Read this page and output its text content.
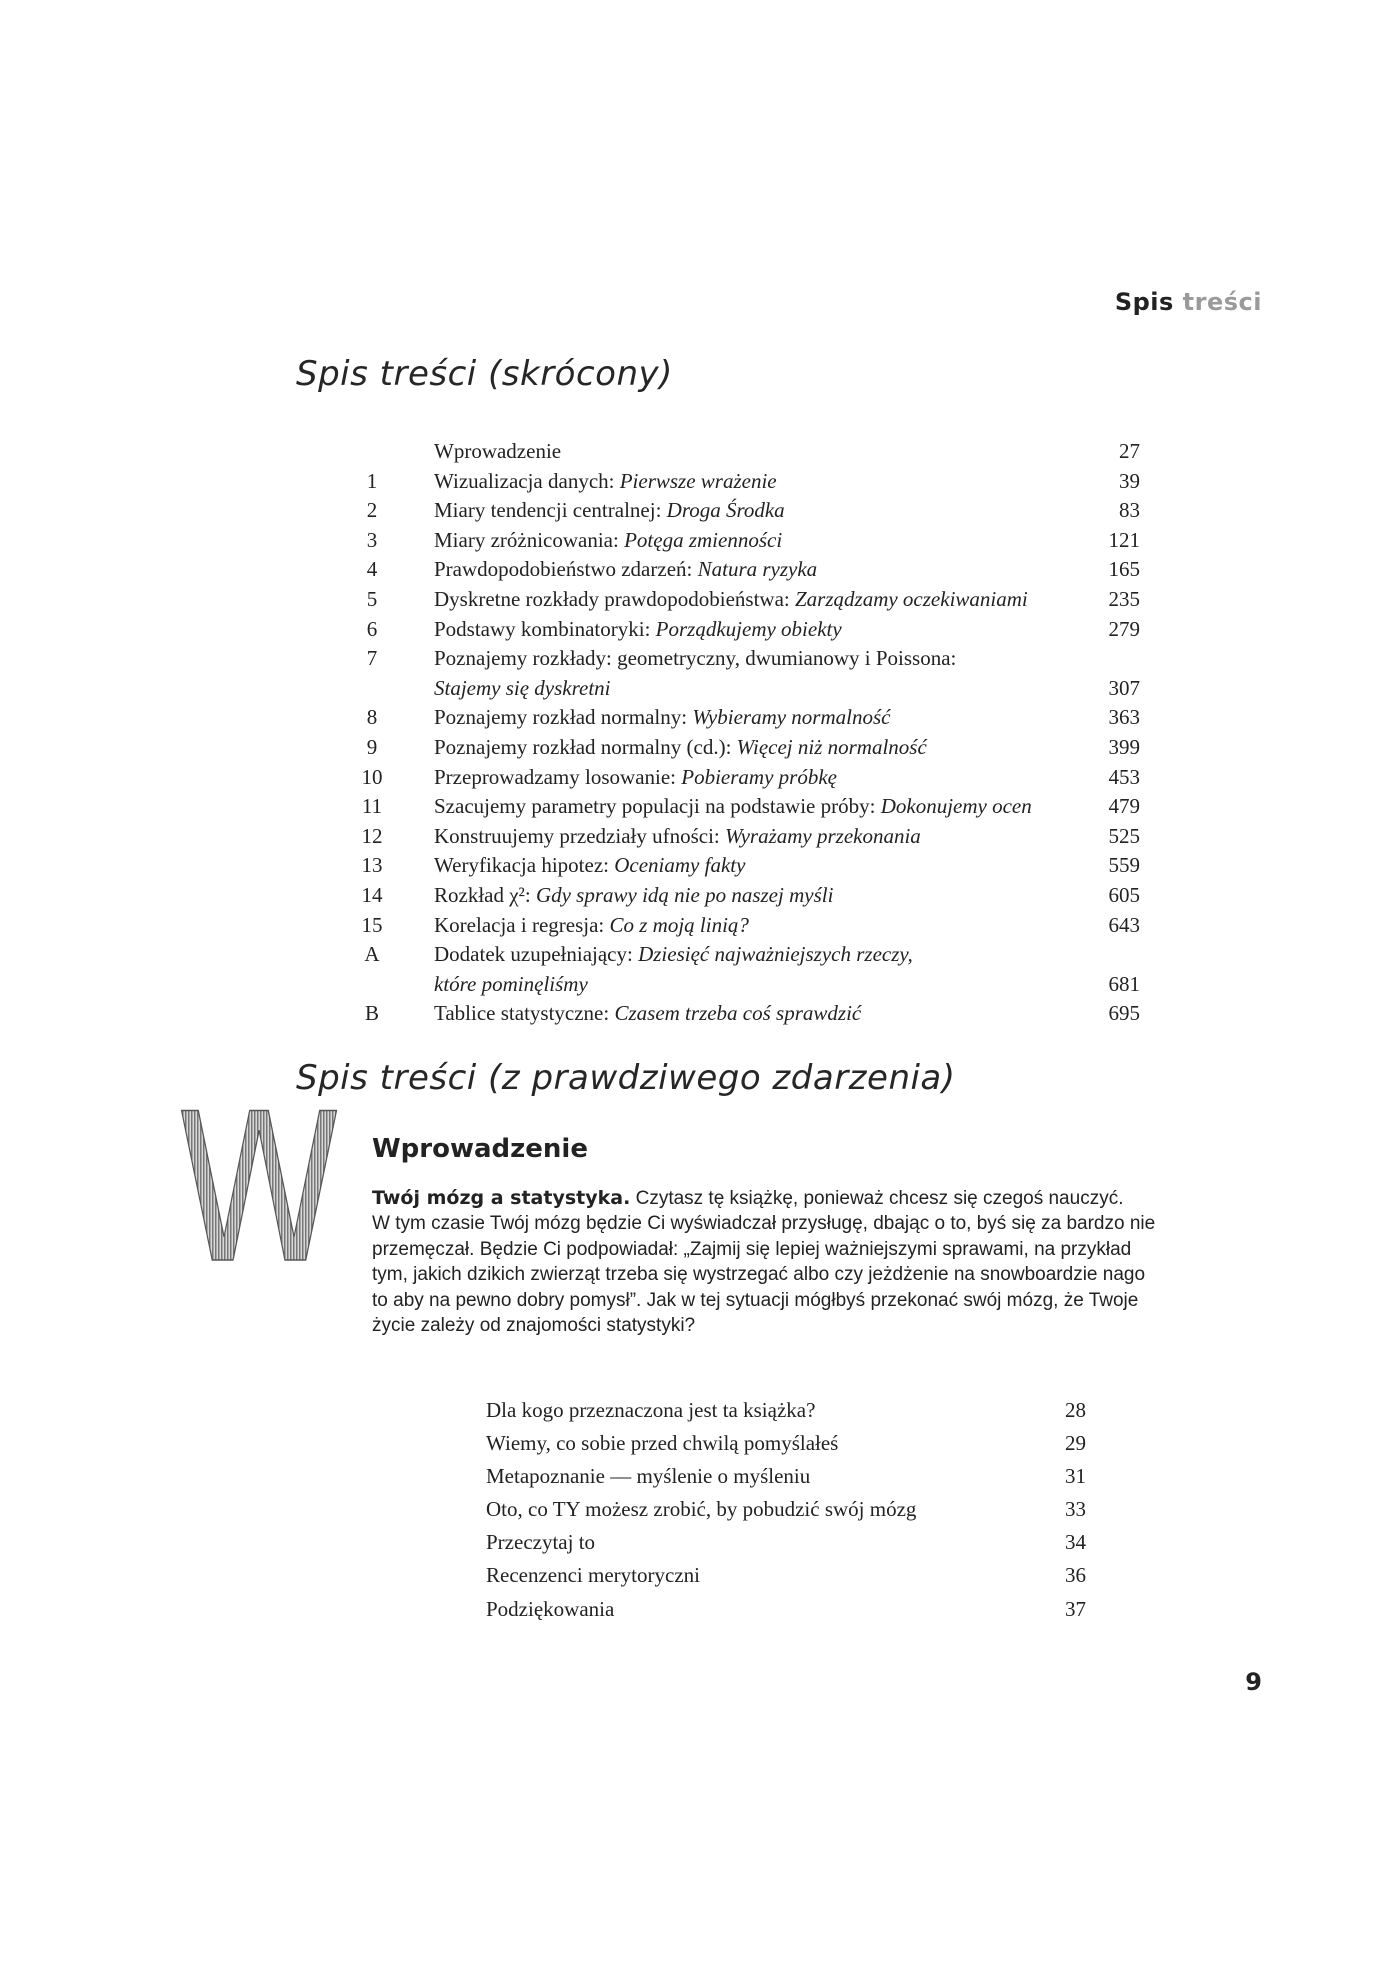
Spis treści
Spis treści (skrócony)
Wprowadzenie	27
1	Wizualizacja danych: Pierwsze wrażenie	39
2	Miary tendencji centralnej: Droga Środka	83
3	Miary zróżnicowania: Potęga zmienności	121
4	Prawdopodobieństwo zdarzeń: Natura ryzyka	165
5	Dyskretne rozkłady prawdopodobieństwa: Zarządzamy oczekiwaniami	235
6	Podstawy kombinatoryki: Porządkujemy obiekty	279
7	Poznajemy rozkłady: geometryczny, dwumianowy i Poissona:
Stajemy się dyskretni	307
8	Poznajemy rozkład normalny: Wybieramy normalność	363
9	Poznajemy rozkład normalny (cd.): Więcej niż normalność	399
10	Przeprowadzamy losowanie: Pobieramy próbkę	453
11	Szacujemy parametry populacji na podstawie próby: Dokonujemy ocen	479
12	Konstruujemy przedziały ufności: Wyrażamy przekonania	525
13	Weryfikacja hipotez: Oceniamy fakty	559
14	Rozkład χ²: Gdy sprawy idą nie po naszej myśli	605
15	Korelacja i regresja: Co z moją linią?	643
A	Dodatek uzupełniający: Dziesięć najważniejszych rzeczy,
które pominęliśmy	681
B	Tablice statystyczne: Czasem trzeba coś sprawdzić	695
Spis treści (z prawdziwego zdarzenia)
W Wprowadzenie
Twój mózg a statystyka. Czytasz tę książkę, ponieważ chcesz się czegoś nauczyć.
W tym czasie Twój mózg będzie Ci wyświadczał przysługę, dbając o to, byś się za bardzo nie
przemęczał. Będzie Ci podpowiadał: „Zajmij się lepiej ważniejszymi sprawami, na przykład
tym, jakich dzikich zwierząt trzeba się wystrzegać albo czy jeżdżenie na snowboardzie nago
to aby na pewno dobry pomysł”. Jak w tej sytuacji mógłbyś przekonać swój mózg, że Twoje
życie zależy od znajomości statystyki?
Dla kogo przeznaczona jest ta książka?	28
Wiemy, co sobie przed chwilą pomyślałeś	29
Metapoznanie — myślenie o myśleniu	31
Oto, co TY możesz zrobić, by pobudzić swój mózg	33
Przeczytaj to	34
Recenzenci merytoryczni	36
Podziękowania	37
9
